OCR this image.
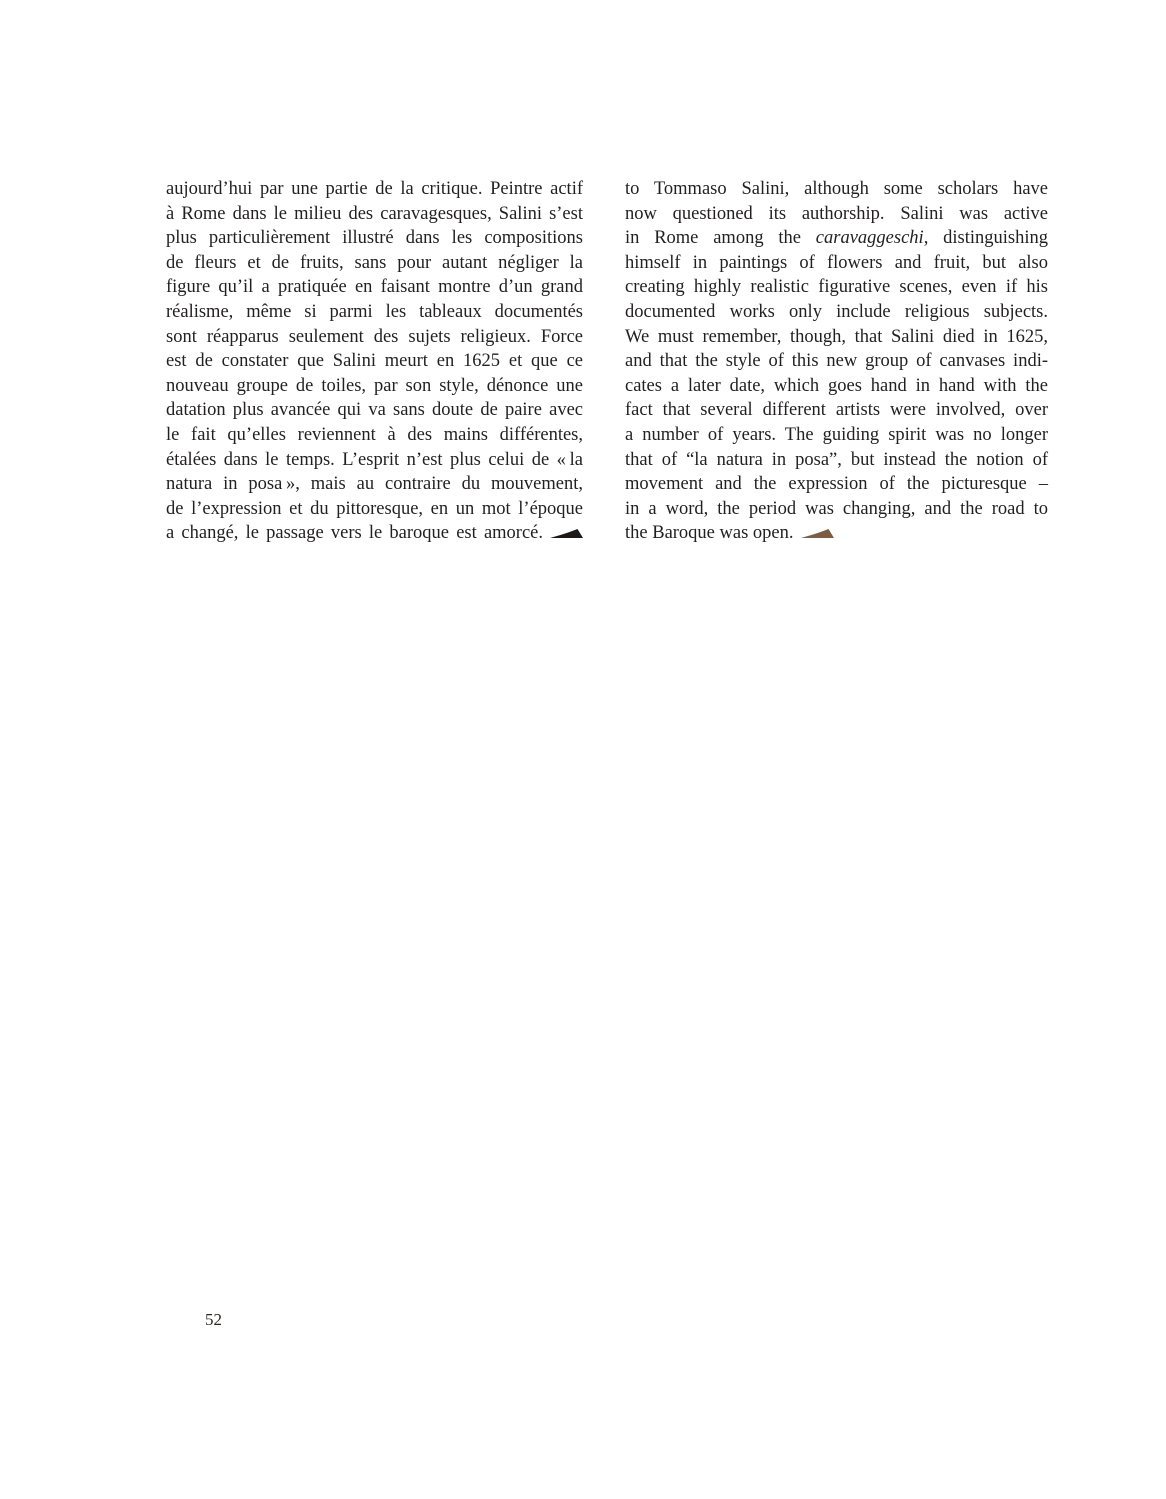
aujourd’hui par une partie de la critique. Peintre actif
à Rome dans le milieu des caravagesques, Salini s’est
plus particulièrement illustré dans les compositions
de fleurs et de fruits, sans pour autant négliger la
figure qu’il a pratiquée en faisant montre d’un grand
réalisme, même si parmi les tableaux documentés
sont réapparus seulement des sujets religieux. Force
est de constater que Salini meurt en 1625 et que ce
nouveau groupe de toiles, par son style, dénonce une
datation plus avancée qui va sans doute de paire avec
le fait qu’elles reviennent à des mains différentes,
étalées dans le temps. L’esprit n’est plus celui de « la
natura in posa », mais au contraire du mouvement,
de l’expression et du pittoresque, en un mot l’époque
a changé, le passage vers le baroque est amorcé.
to Tommaso Salini, although some scholars have
now questioned its authorship. Salini was active
in Rome among the caravaggeschi, distinguishing
himself in paintings of flowers and fruit, but also
creating highly realistic figurative scenes, even if his
documented works only include religious subjects.
We must remember, though, that Salini died in 1625,
and that the style of this new group of canvases indi-
cates a later date, which goes hand in hand with the
fact that several different artists were involved, over
a number of years. The guiding spirit was no longer
that of “la natura in posa”, but instead the notion of
movement and the expression of the picturesque –
in a word, the period was changing, and the road to
the Baroque was open.
52
